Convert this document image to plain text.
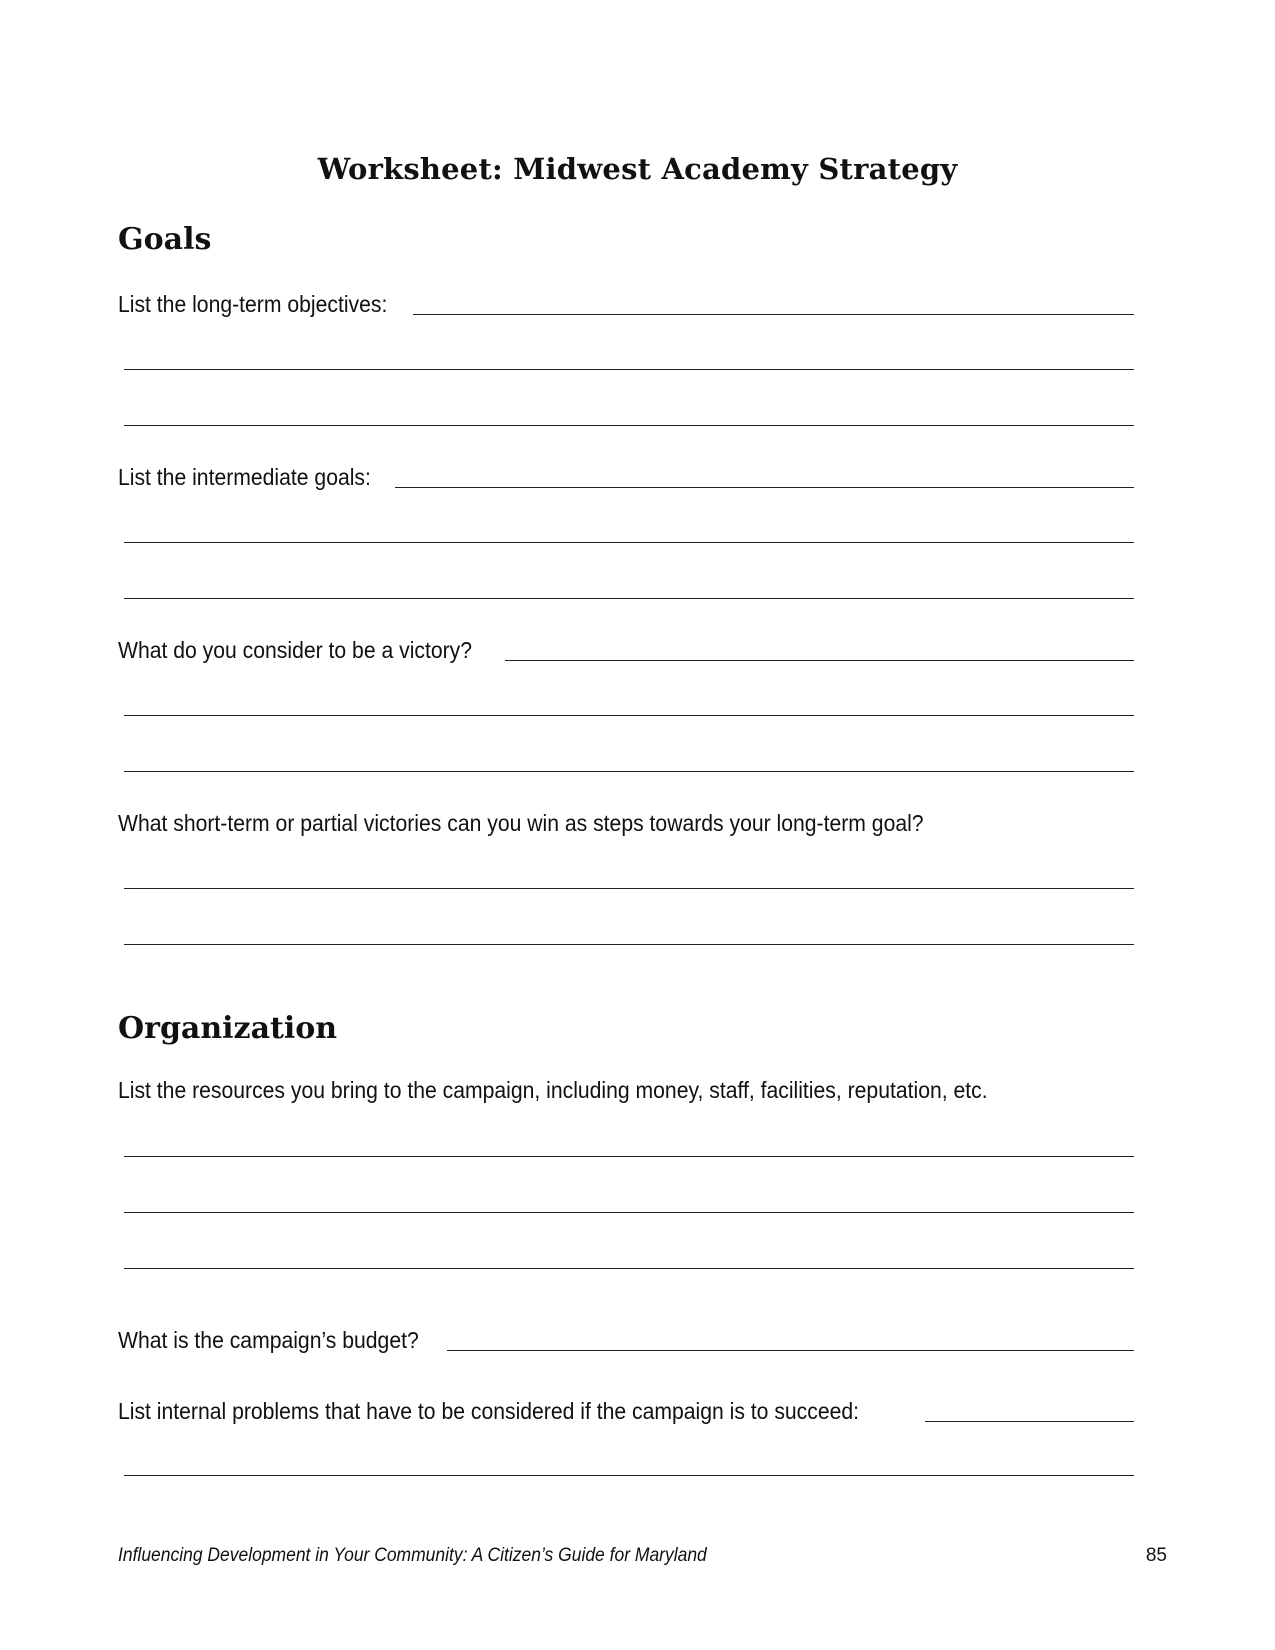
Worksheet: Midwest Academy Strategy
Goals
List the long-term objectives:
List the intermediate goals:
What do you consider to be a victory?
What short-term or partial victories can you win as steps towards your long-term goal?
Organization
List the resources you bring to the campaign, including money, staff, facilities, reputation, etc.
What is the campaign’s budget?
List internal problems that have to be considered if the campaign is to succeed:
Influencing Development in Your Community: A Citizen’s Guide for Maryland	85
